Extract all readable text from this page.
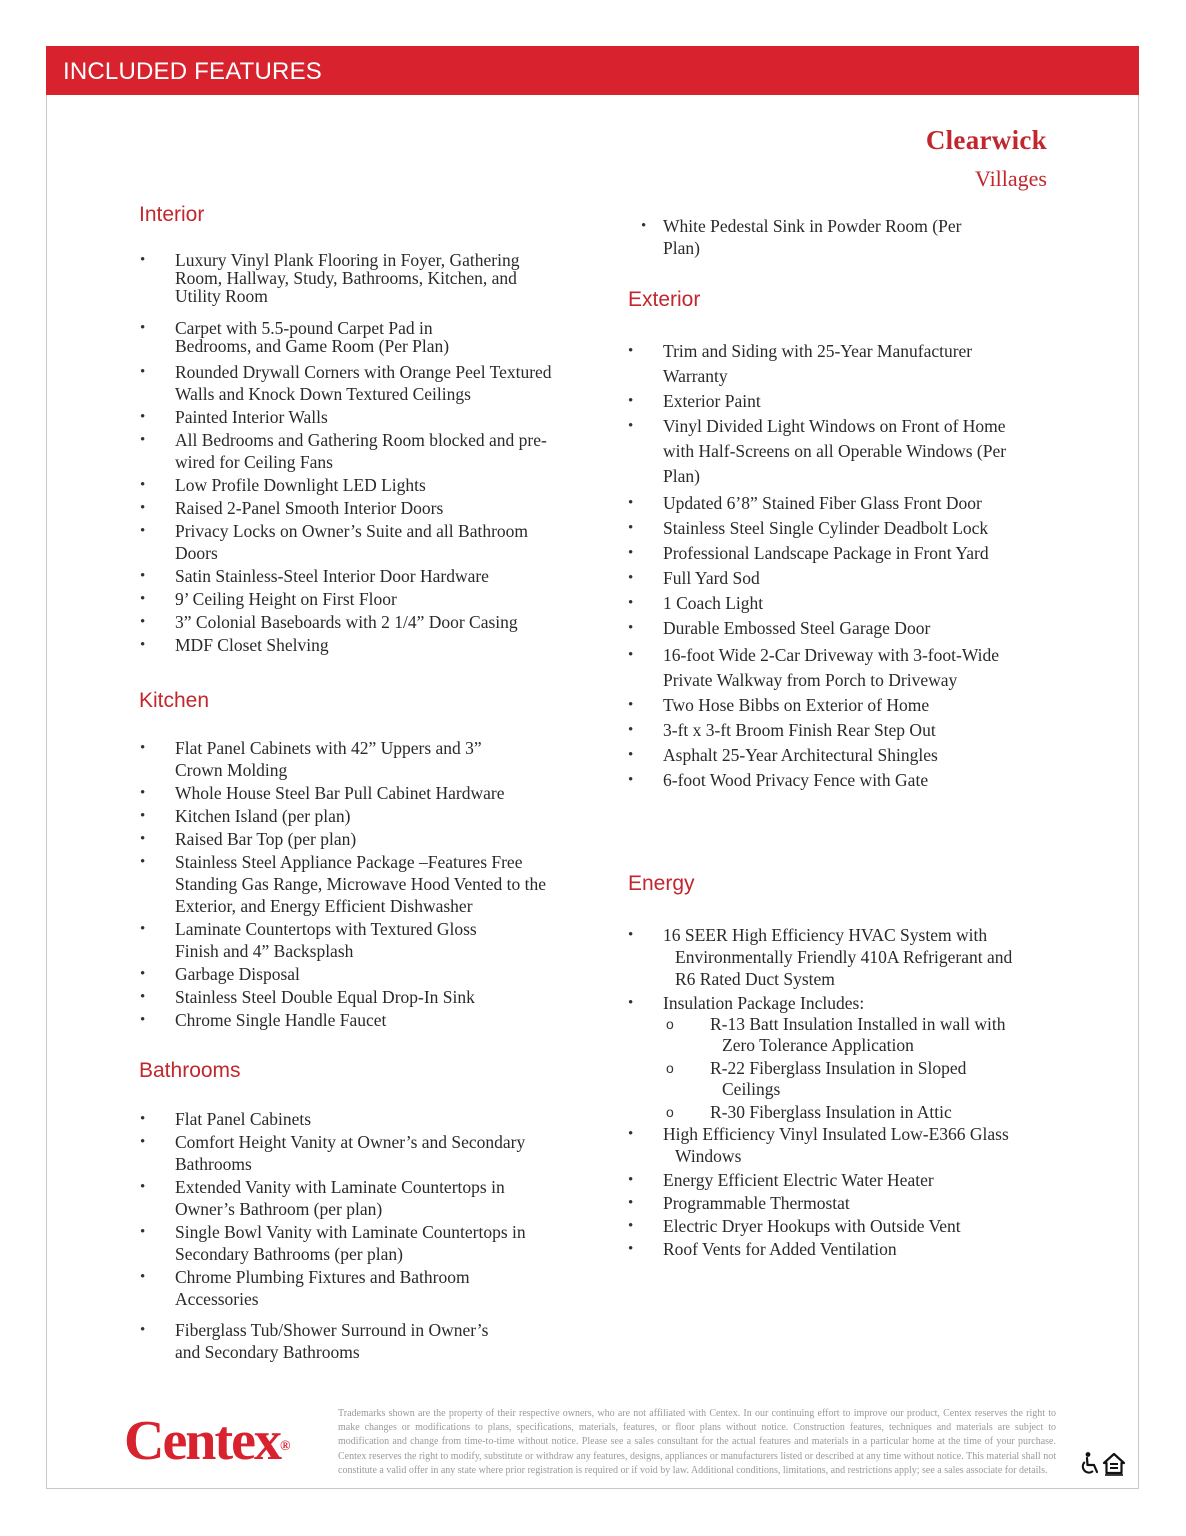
INCLUDED FEATURES
Clearwick
Villages
Interior
• Luxury Vinyl Plank Flooring in Foyer, Gathering Room, Hallway, Study, Bathrooms, Kitchen, and Utility Room
• Carpet with 5.5-pound Carpet Pad in Bedrooms, and Game Room (Per Plan)
• Rounded Drywall Corners with Orange Peel Textured Walls and Knock Down Textured Ceilings
• Painted Interior Walls
• All Bedrooms and Gathering Room blocked and pre-wired for Ceiling Fans
• Low Profile Downlight LED Lights
• Raised 2-Panel Smooth Interior Doors
• Privacy Locks on Owner’s Suite and all Bathroom Doors
• Satin Stainless-Steel Interior Door Hardware
• 9’ Ceiling Height on First Floor
• 3” Colonial Baseboards with 2 1/4” Door Casing
• MDF Closet Shelving
Kitchen
• Flat Panel Cabinets with 42” Uppers and 3” Crown Molding
• Whole House Steel Bar Pull Cabinet Hardware
• Kitchen Island (per plan)
• Raised Bar Top (per plan)
• Stainless Steel Appliance Package –Features Free Standing Gas Range, Microwave Hood Vented to the Exterior, and Energy Efficient Dishwasher
• Laminate Countertops with Textured Gloss Finish and 4” Backsplash
• Garbage Disposal
• Stainless Steel Double Equal Drop-In Sink
• Chrome Single Handle Faucet
Bathrooms
• Flat Panel Cabinets
• Comfort Height Vanity at Owner’s and Secondary Bathrooms
• Extended Vanity with Laminate Countertops in Owner’s Bathroom (per plan)
• Single Bowl Vanity with Laminate Countertops in Secondary Bathrooms (per plan)
• Chrome Plumbing Fixtures and Bathroom Accessories
• Fiberglass Tub/Shower Surround in Owner’s and Secondary Bathrooms
• White Pedestal Sink in Powder Room (Per Plan)
Exterior
• Trim and Siding with 25-Year Manufacturer Warranty
• Exterior Paint
• Vinyl Divided Light Windows on Front of Home with Half-Screens on all Operable Windows (Per Plan)
• Updated 6’8” Stained Fiber Glass Front Door
• Stainless Steel Single Cylinder Deadbolt Lock
• Professional Landscape Package in Front Yard
• Full Yard Sod
• 1 Coach Light
• Durable Embossed Steel Garage Door
• 16-foot Wide 2-Car Driveway with 3-foot-Wide Private Walkway from Porch to Driveway
• Two Hose Bibbs on Exterior of Home
• 3-ft x 3-ft Broom Finish Rear Step Out
• Asphalt 25-Year Architectural Shingles
• 6-foot Wood Privacy Fence with Gate
Energy
• 16 SEER High Efficiency HVAC System with Environmentally Friendly 410A Refrigerant and R6 Rated Duct System
• Insulation Package Includes:
o R-13 Batt Insulation Installed in wall with Zero Tolerance Application
o R-22 Fiberglass Insulation in Sloped Ceilings
o R-30 Fiberglass Insulation in Attic
• High Efficiency Vinyl Insulated Low-E366 Glass Windows
• Energy Efficient Electric Water Heater
• Programmable Thermostat
• Electric Dryer Hookups with Outside Vent
• Roof Vents for Added Ventilation
Centex®
Trademarks shown are the property of their respective owners, who are not affiliated with Centex. In our continuing effort to improve our product, Centex reserves the right to make changes or modifications to plans, specifications, materials, features, or floor plans without notice. Construction features, techniques and materials are subject to modification and change from time-to-time without notice. Please see a sales consultant for the actual features and materials in a particular home at the time of your purchase. Centex reserves the right to modify, substitute or withdraw any features, designs, appliances or manufacturers listed or described at any time without notice. This material shall not constitute a valid offer in any state where prior registration is required or if void by law. Additional conditions, limitations, and restrictions apply; see a sales associate for details.
